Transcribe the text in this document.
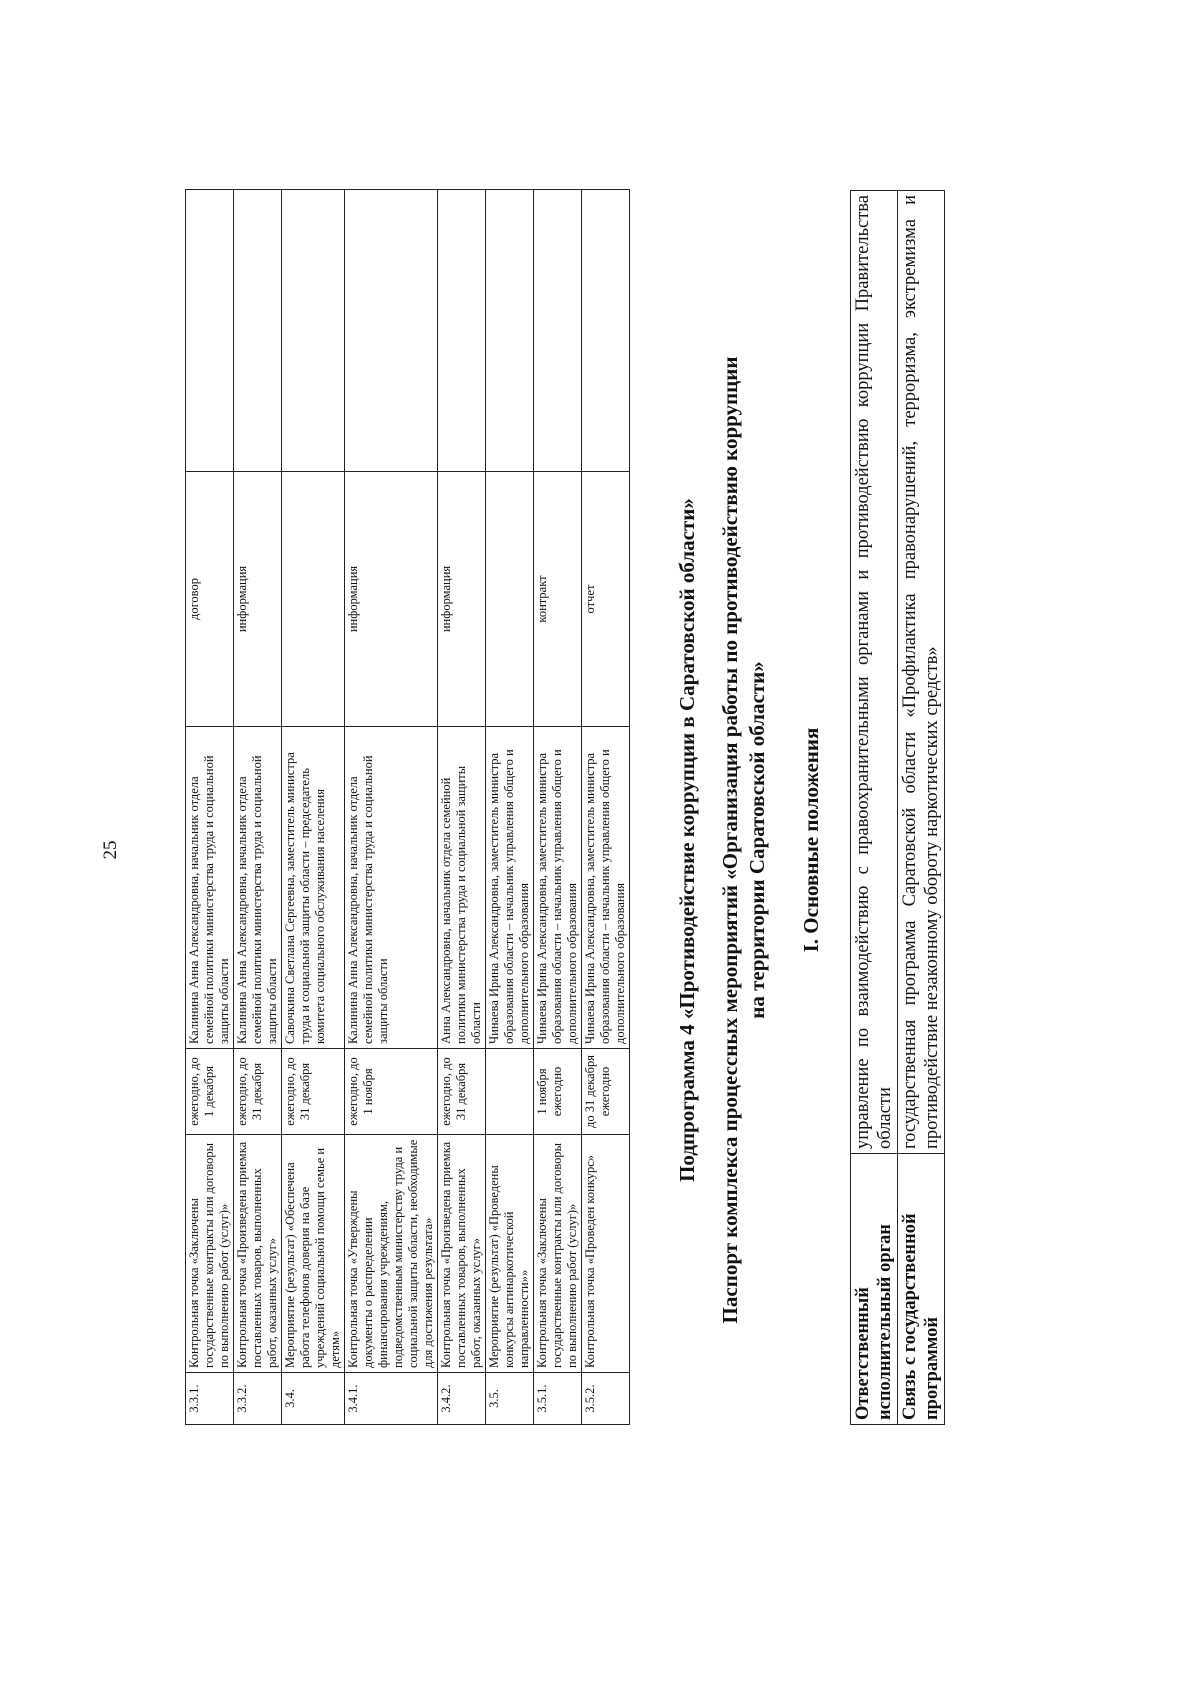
25
3.3.1.	Контрольная точка «Заключены государственные контракты или договоры по выполнению работ (услуг)»	ежегодно, до 1 декабря	Калинина Анна Александровна, начальник отдела семейной политики министерства труда и социальной защиты области	договор	
3.3.2.	Контрольная точка «Произведена приемка поставленных товаров, выполненных работ, оказанных услуг»	ежегодно, до 31 декабря	Калинина Анна Александровна, начальник отдела семейной политики министерства труда и социальной защиты области	информация	
3.4.	Мероприятие (результат) «Обеспечена работа телефонов доверия на базе учреждений социальной помощи семье и детям»	ежегодно, до 31 декабря	Савочкина Светлана Сергеевна, заместитель министра труда и социальной защиты области – председатель комитета социального обслуживания населения		
3.4.1.	Контрольная точка «Утверждены документы о распределении финансирования учреждениям, подведомственным министерству труда и социальной защиты области, необходимые для достижения результата»	ежегодно, до 1 ноября	Калинина Анна Александровна, начальник отдела семейной политики министерства труда и социальной защиты области	информация	
3.4.2.	Контрольная точка «Произведена приемка поставленных товаров, выполненных работ, оказанных услуг»	ежегодно, до 31 декабря	Анна Александровна, начальник отдела семейной политики министерства труда и социальной защиты области	информация	
3.5.	Мероприятие (результат) «Проведены конкурсы антинаркотической направленности»»		Чинаева Ирина Александровна, заместитель министра образования области – начальник управления общего и дополнительного образования		
3.5.1.	Контрольная точка «Заключены государственные контракты или договоры по выполнению работ (услуг)»	1 ноября ежегодно	Чинаева Ирина Александровна, заместитель министра образования области – начальник управления общего и дополнительного образования	контракт	
3.5.2.	Контрольная точка «Проведен конкурс»	до 31 декабря ежегодно	Чинаева Ирина Александровна, заместитель министра образования области – начальник управления общего и дополнительного образования	отчет		Подпрограмма 4 «Противодействие коррупции в Саратовской области» Паспорт комплекса процессных мероприятий «Организация работы по противодействию коррупции на территории Саратовской области» I. Основные положения
Ответственный исполнительный орган	управление по взаимодействию с правоохранительными органами и противодействию коррупции Правительства области
Связь с государственной программой	государственная программа Саратовской области «Профилактика правонарушений, терроризма, экстремизма и противодействие незаконному обороту наркотических средств»
